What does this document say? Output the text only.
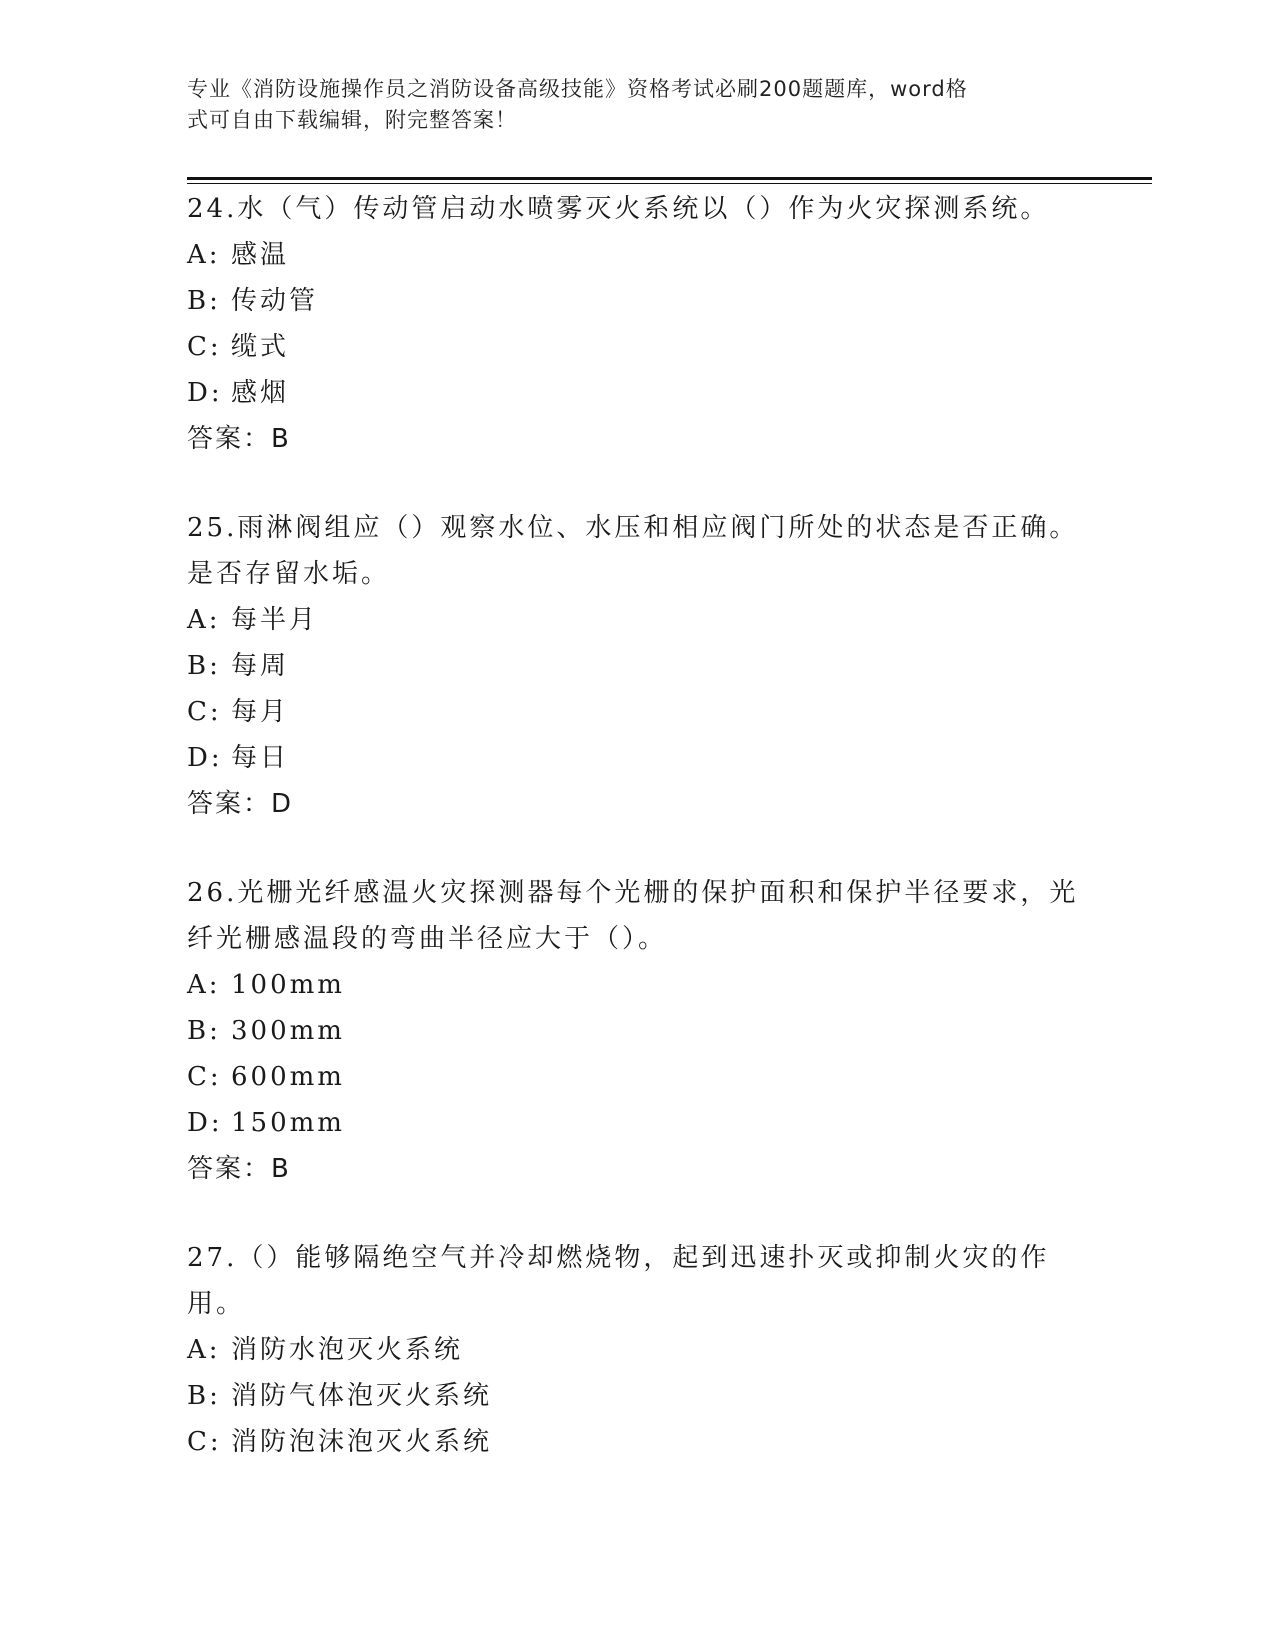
专业《消防设施操作员之消防设备高级技能》资格考试必刷200题题库，word格
式可自由下载编辑，附完整答案！

24.水（气）传动管启动水喷雾灭火系统以（）作为火灾探测系统。

A: 感温

B: 传动管

C: 缆式

D: 感烟

答案：B

25.雨淋阀组应（）观察水位、水压和相应阀门所处的状态是否正确。是否存留水垢。

A: 每半月

B: 每周

C: 每月

D: 每日

答案：D

26.光栅光纤感温火灾探测器每个光栅的保护面积和保护半径要求，光纤光栅感温段的弯曲半径应大于（）。

A: 100mm

B: 300mm

C: 600mm

D: 150mm

答案：B

27.（）能够隔绝空气并冷却燃烧物，起到迅速扑灭或抑制火灾的作用。

A: 消防水泡灭火系统

B: 消防气体泡灭火系统

C: 消防泡沫泡灭火系统
